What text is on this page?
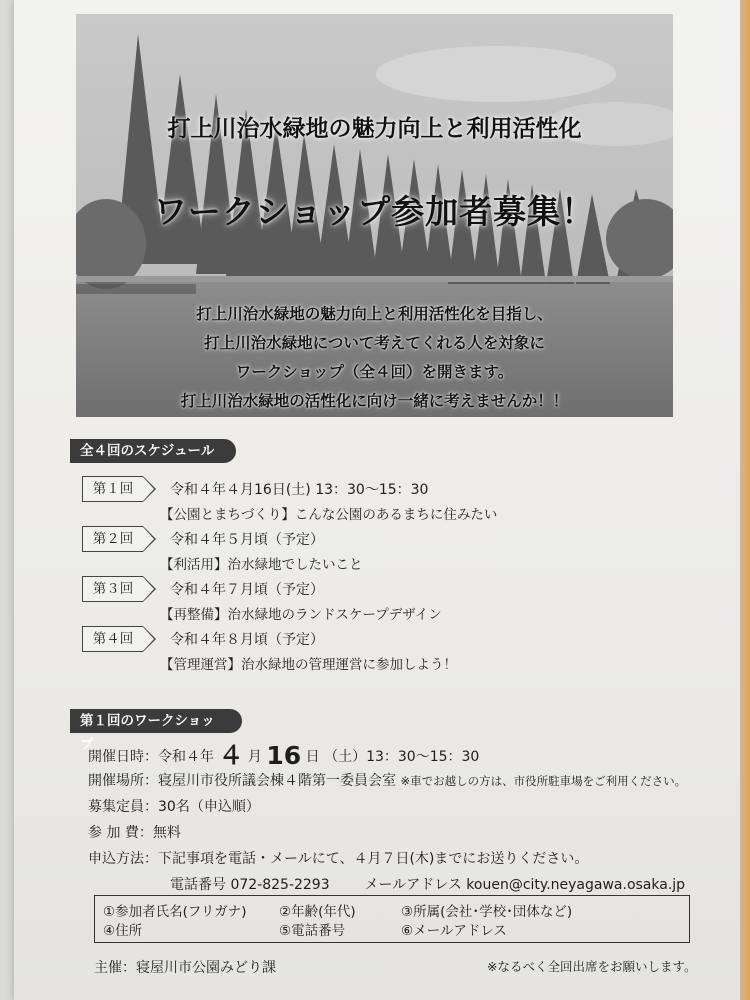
打上川治水緑地の魅力向上と利用活性化
ワークショップ参加者募集！
打上川治水緑地の魅力向上と利用活性化を目指し、
打上川治水緑地について考えてくれる人を対象に
ワークショップ（全４回）を開きます。
打上川治水緑地の活性化に向け一緒に考えませんか！！
全４回のスケジュール
第１回	令和４年４月16日(土) 13：30〜15：30
【公園とまちづくり】こんな公園のあるまちに住みたい
第２回	令和４年５月頃（予定）
【利活用】治水緑地でしたいこと
第３回	令和４年７月頃（予定）
【再整備】治水緑地のランドスケープデザイン
第４回	令和４年８月頃（予定）
【管理運営】治水緑地の管理運営に参加しよう！
第１回のワークショップ
開催日時：令和４年 ４ 月 16 日 （土）13：30〜15：30
開催場所：寝屋川市役所議会棟４階第一委員会室 ※車でお越しの方は、市役所駐車場をご利用ください。
募集定員：30名（申込順）
参 加 費：無料
申込方法：下記事項を電話・メールにて、４月７日(木)までにお送りください。
電話番号 072-825-2293 メールアドレス kouen@city.neyagawa.osaka.jp
①参加者氏名(フリガナ) ②年齢(年代)	③所属(会社･学校･団体など)
④住所	⑤電話番号	⑥メールアドレス
主催：寝屋川市公園みどり課	※なるべく全回出席をお願いします。
